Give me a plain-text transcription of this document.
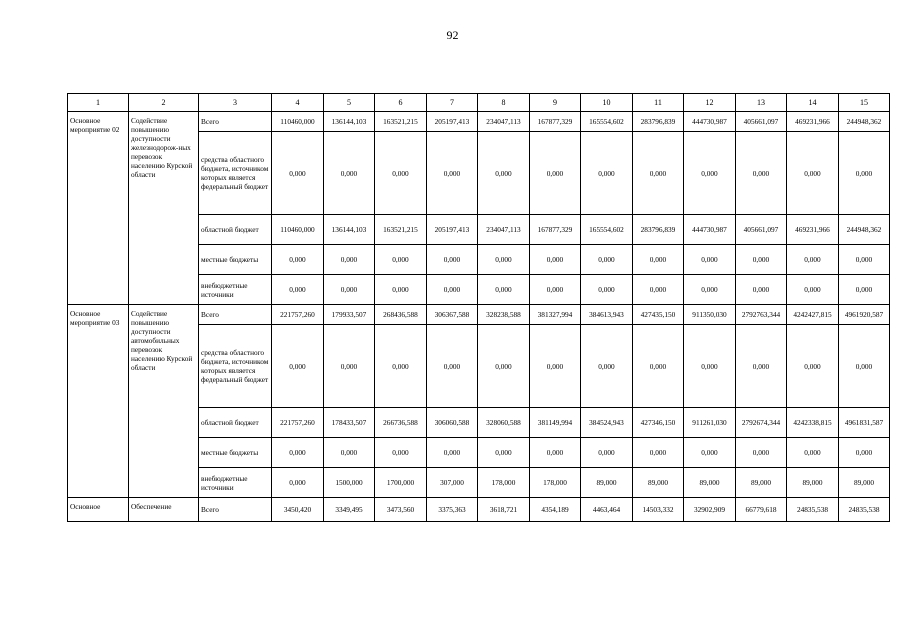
92
1	2	3	4	5	6	7	8	9	10	11	12	13	14	15
Основное мероприятие 02	Содействие повышению доступности железнодорож-ных перевозок населению Курской области	Всего	110460,000	136144,103	163521,215	205197,413	234047,113	167877,329	165554,602	283796,839	444730,987	405661,097	469231,966	244948,362
		средства областного бюджета, источником которых является федеральный бюджет	0,000	0,000	0,000	0,000	0,000	0,000	0,000	0,000	0,000	0,000	0,000	0,000
		областной бюджет	110460,000	136144,103	163521,215	205197,413	234047,113	167877,329	165554,602	283796,839	444730,987	405661,097	469231,966	244948,362
		местные бюджеты	0,000	0,000	0,000	0,000	0,000	0,000	0,000	0,000	0,000	0,000	0,000	0,000
		внебюджетные источники	0,000	0,000	0,000	0,000	0,000	0,000	0,000	0,000	0,000	0,000	0,000	0,000
Основное мероприятие 03	Содействие повышению доступности автомобильных перевозок населению Курской области	Всего	221757,260	179933,507	268436,588	306367,588	328238,588	381327,994	384613,943	427435,150	911350,030	2792763,344	4242427,815	4961920,587
		средства областного бюджета, источником которых является федеральный бюджет	0,000	0,000	0,000	0,000	0,000	0,000	0,000	0,000	0,000	0,000	0,000	0,000
		областной бюджет	221757,260	178433,507	266736,588	306060,588	328060,588	381149,994	384524,943	427346,150	911261,030	2792674,344	4242338,815	4961831,587
		местные бюджеты	0,000	0,000	0,000	0,000	0,000	0,000	0,000	0,000	0,000	0,000	0,000	0,000
		внебюджетные источники	0,000	1500,000	1700,000	307,000	178,000	178,000	89,000	89,000	89,000	89,000	89,000	89,000
Основное	Обеспечение	Всего	3450,420	3349,495	3473,560	3375,363	3618,721	4354,189	4463,464	14503,332	32902,909	66779,618	24835,538	24835,538
